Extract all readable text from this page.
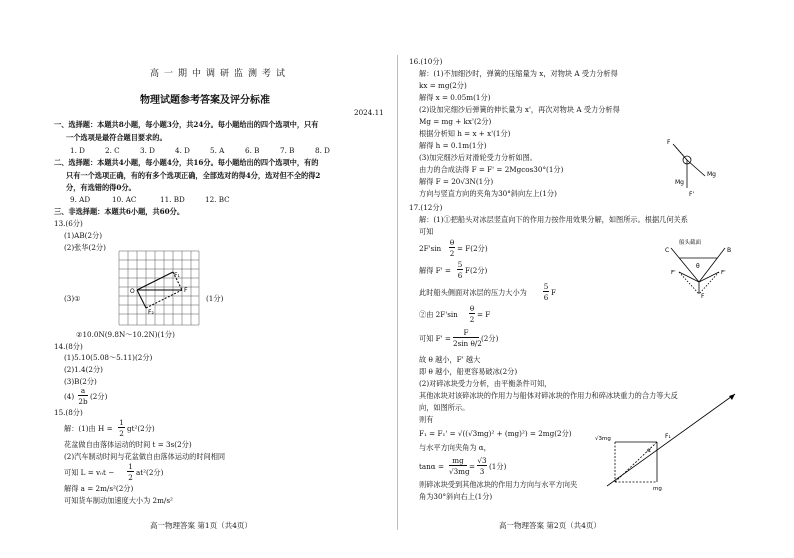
高一期中调研监测考试
物理试题参考答案及评分标准
2024.11
一、选择题：本题共8小题，每小题3分，共24分。每小题给出的四个选项中，只有
一个选项是最符合题目要求的。
1. D	2. C	3. D	4. D	5. A	6. B	7. B	8. D
二、选择题：本题共4小题，每小题4分，共16分。每小题给出的四个选项中，有的
只有一个选项正确，有的有多个选项正确，全部选对的得4分，选对但不全的得2
分，有选错的得0分。
9. AD	10. AC	11. BD	12. BC
三、非选择题：本题共6小题，共60分。
13.(6分)
(1)AB(2分)
(2)张华(2分)
(3)①
O
F₁
F
F₂
(1分)
②10.0N(9.8N～10.2N)(1分)
14.(8分)
(1)5.10(5.08～5.11)(2分)
(2)1.4(2分)
(3)B(2分)
(4)
a
2b
(2分)
15.(8分)
解：(1)由 H =
1
2
gt²(2分)
花盆做自由落体运动的时间 t = 3s(2分)
(2)汽车制动时间与花盆做自由落体运动的时间相同
可知 L = v₀t −
1
2
at²(2分)
解得 a = 2m/s²(2分)
可知货车制动加速度大小为 2m/s²
高一物理答案 第1页（共4页）
16.(10分)
解：(1)不加细沙时，弹簧的压缩量为 x，对物块 A 受力分析得
kx = mg(2分)
解得 x = 0.05m(1分)
(2)设加完细沙后弹簧的伸长量为 x'，再次对物块 A 受力分析得
Mg = mg + kx'(2分)
根据分析知 h = x + x'(1分)
解得 h = 0.1m(1分)
(3)加完细沙后对滑轮受力分析如图。
由力的合成法得 F = F' = 2Mgcos30°(1分)
解得 F = 20√3N(1分)
方向与竖直方向的夹角为30°斜向左上(1分)
F
Mg
Mg
F'
17.(12分)
解：(1)①把船头对冰层竖直向下的作用力按作用效果分解，如图所示。根据几何关系
可知
2F'sin
θ
2
= F(2分)
解得 F' =
5
6
F(2分)
此时船头侧面对冰层的压力大小为
5
6
F
②由 2F'sin
θ
2
= F
可知 F' =
F
2sin θ/2
(2分)
故 θ 越小，F' 越大
即 θ 越小，船更容易破冰(2分)
(2)对碎冰块受力分析，由平衡条件可知，
其他冰块对该碎冰块的作用力与船体对碎冰块的作用力和碎冰块重力的合力等大反
向，如图所示。
则有
F₁ = F₁' = √((√3mg)² + (mg)²) = 2mg(2分)
与水平方向夹角为 α，
tanα =
mg
√3mg
=
√3
3
(1分)
则碎冰块受到其他冰块的作用力方向与水平方向夹
角为30°斜向右上(1分)
船头截面
C
θ
B
F'	F'
F
√3mg
α
mg
F₁
高一物理答案 第2页（共4页）
